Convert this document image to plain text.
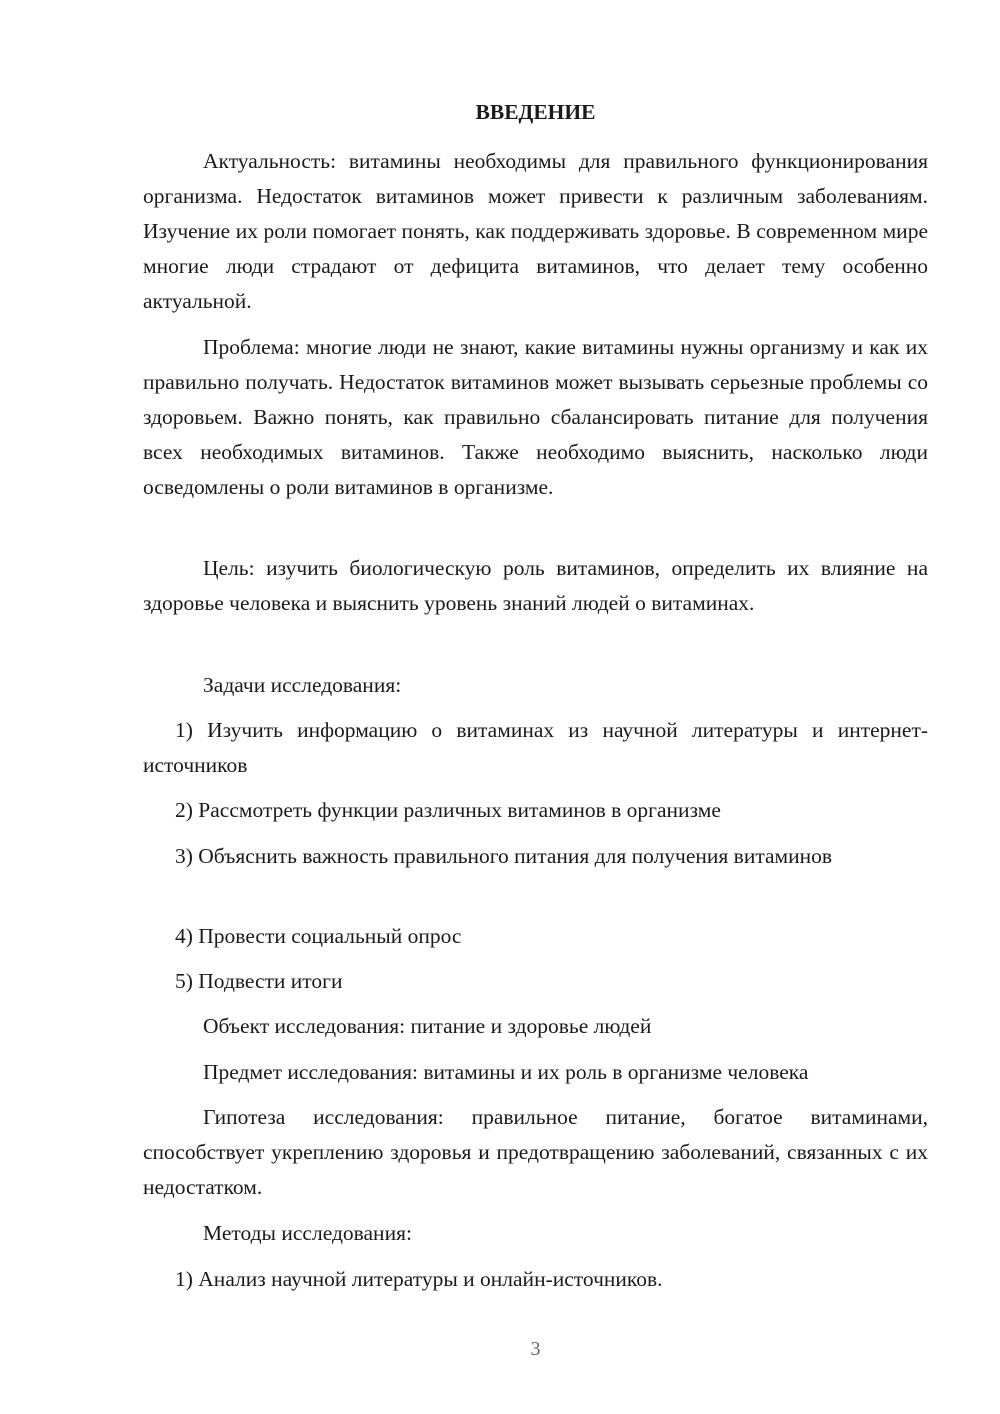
ВВЕДЕНИЕ

Актуальность: витамины необходимы для правильного функционирования организма. Недостаток витаминов может привести к различным заболеваниям. Изучение их роли помогает понять, как поддерживать здоровье. В современном мире многие люди страдают от дефицита витаминов, что делает тему особенно актуальной.

Проблема: многие люди не знают, какие витамины нужны организму и как их правильно получать. Недостаток витаминов может вызывать серьезные проблемы со здоровьем. Важно понять, как правильно сбалансировать питание для получения всех необходимых витаминов. Также необходимо выяснить, насколько люди осведомлены о роли витаминов в организме.

Цель: изучить биологическую роль витаминов, определить их влияние на здоровье человека и выяснить уровень знаний людей о витаминах.

Задачи исследования:

1) Изучить информацию о витаминах из научной литературы и интернет-источников

2) Рассмотреть функции различных витаминов в организме

3) Объяснить важность правильного питания для получения витаминов

4) Провести социальный опрос

5) Подвести итоги

Объект исследования: питание и здоровье людей

Предмет исследования: витамины и их роль в организме человека

Гипотеза исследования: правильное питание, богатое витаминами, способствует укреплению здоровья и предотвращению заболеваний, связанных с их недостатком.

Методы исследования:

1) Анализ научной литературы и онлайн-источников.

3
